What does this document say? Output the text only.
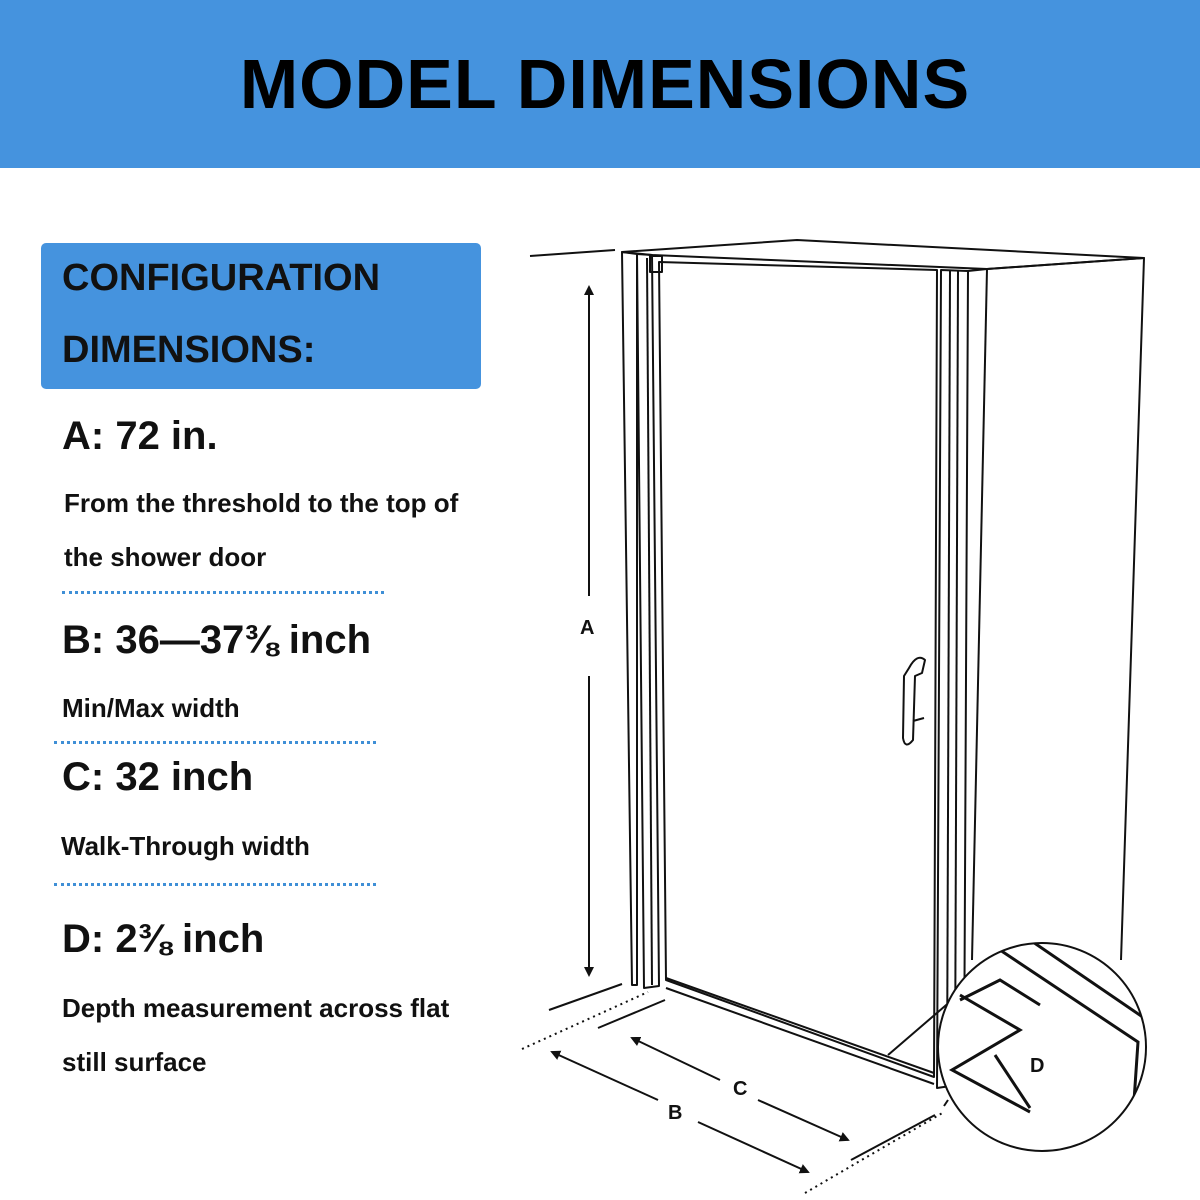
MODEL DIMENSIONS
CONFIGURATION
DIMENSIONS:
A: 72 in.
From the threshold to the top of
the shower door
B: 36—37⅜ inch
Min/Max width
C: 32 inch
Walk-Through width
D: 2⅜ inch
Depth measurement across flat
still surface
A
C
B
D
